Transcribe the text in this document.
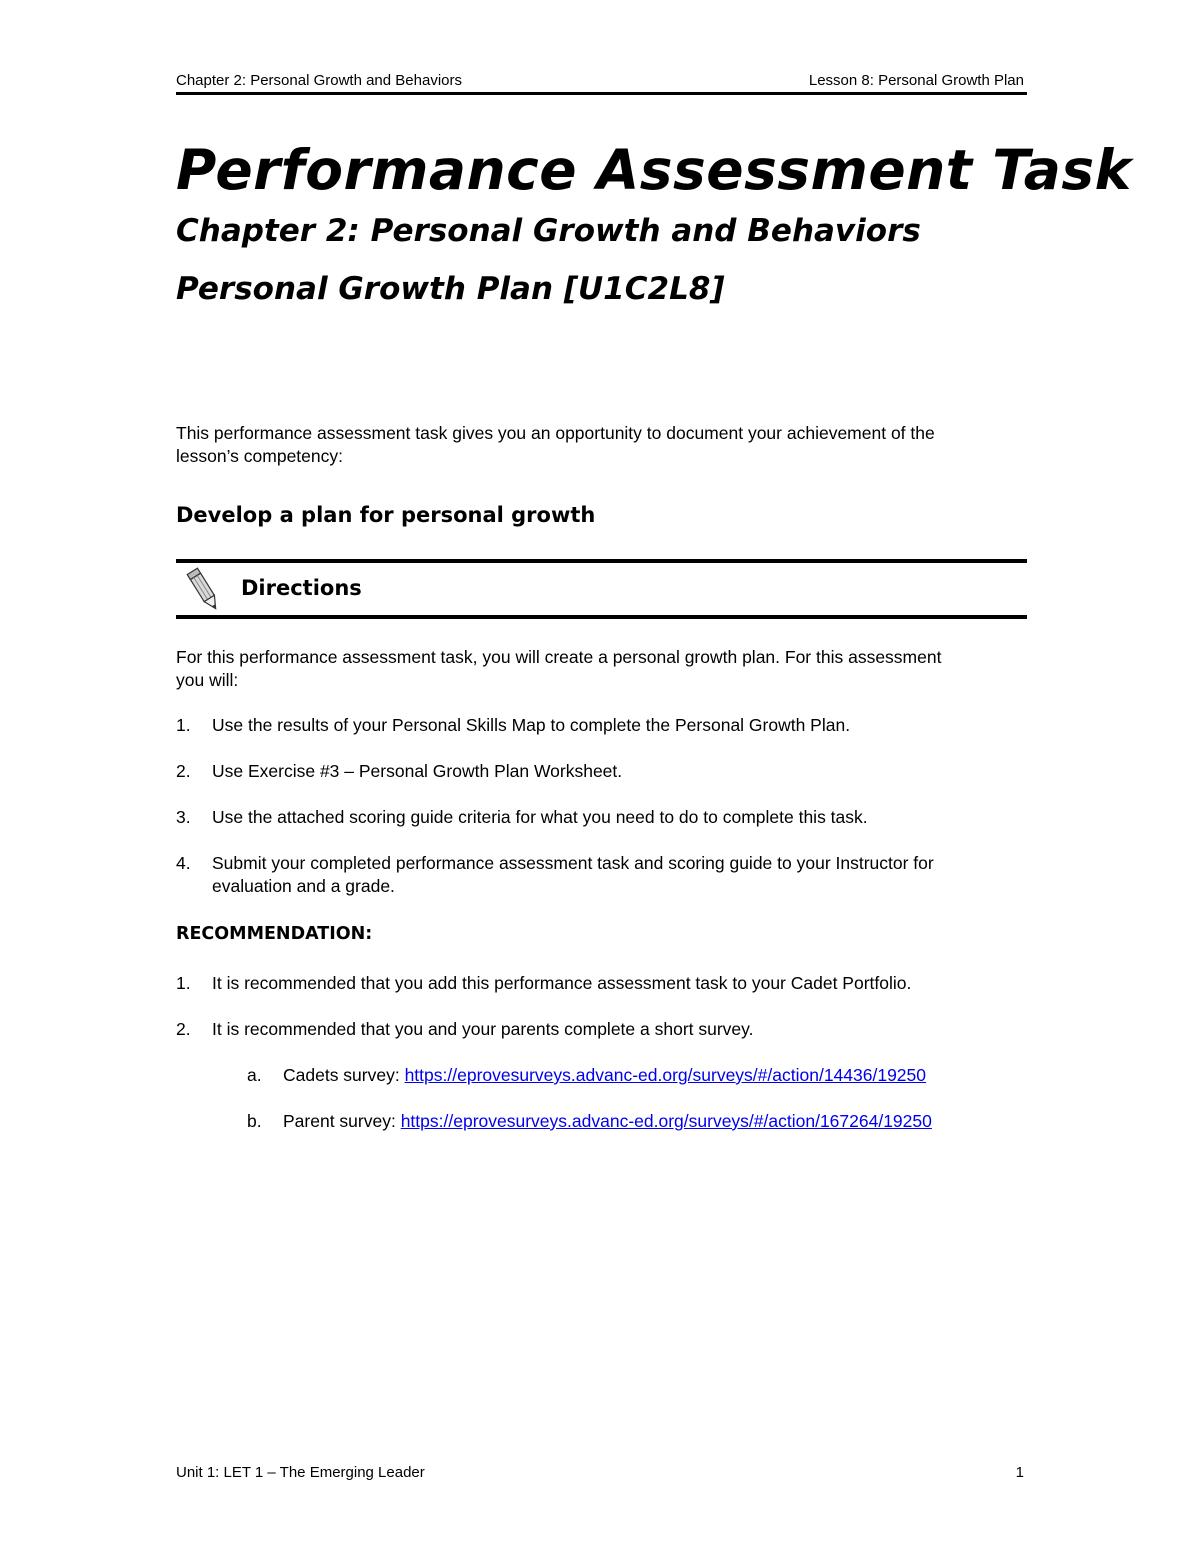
Chapter 2: Personal Growth and Behaviors	Lesson 8: Personal Growth Plan
Performance Assessment Task
Chapter 2: Personal Growth and Behaviors
Personal Growth Plan [U1C2L8]
This performance assessment task gives you an opportunity to document your achievement of the lesson’s competency:
Develop a plan for personal growth
Directions
For this performance assessment task, you will create a personal growth plan. For this assessment you will:
1.	Use the results of your Personal Skills Map to complete the Personal Growth Plan.
2.	Use Exercise #3 – Personal Growth Plan Worksheet.
3.	Use the attached scoring guide criteria for what you need to do to complete this task.
4.	Submit your completed performance assessment task and scoring guide to your Instructor for evaluation and a grade.
RECOMMENDATION:
1.	It is recommended that you add this performance assessment task to your Cadet Portfolio.
2.	It is recommended that you and your parents complete a short survey.
a.	Cadets survey: https://eprovesurveys.advanc-ed.org/surveys/#/action/14436/19250
b.	Parent survey: https://eprovesurveys.advanc-ed.org/surveys/#/action/167264/19250
Unit 1: LET 1 – The Emerging Leader	1
